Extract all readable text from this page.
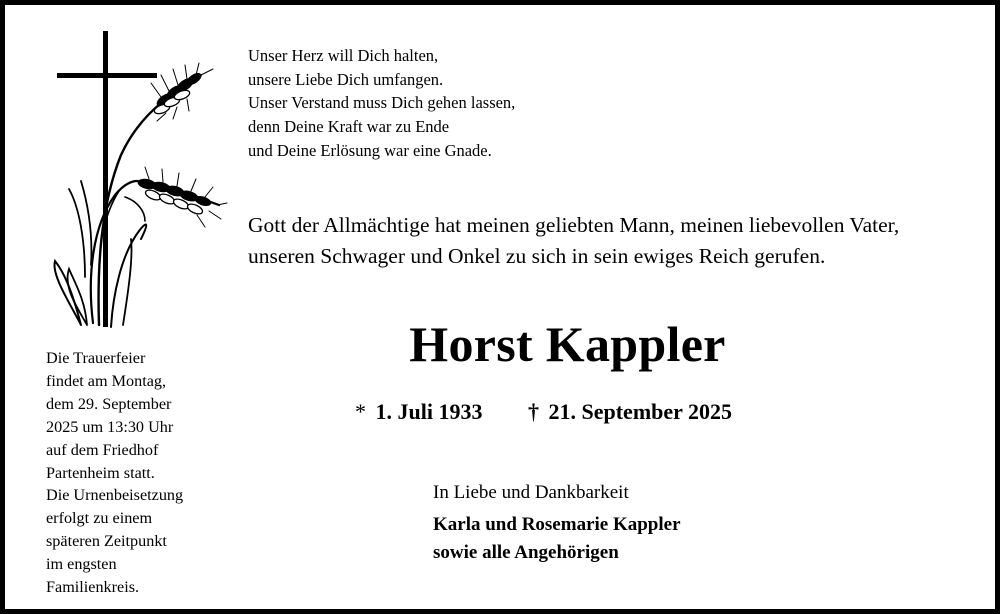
Unser Herz will Dich halten,
unsere Liebe Dich umfangen.
Unser Verstand muss Dich gehen lassen,
denn Deine Kraft war zu Ende
und Deine Erlösung war eine Gnade.
Gott der Allmächtige hat meinen geliebten Mann, meinen liebevollen Vater,
unseren Schwager und Onkel zu sich in sein ewiges Reich gerufen.
Horst Kappler
* 1. Juli 1933 † 21. September 2025
In Liebe und Dankbarkeit
Karla und Rosemarie Kappler
sowie alle Angehörigen
Die Trauerfeier
findet am Montag,
dem 29. September
2025 um 13:30 Uhr
auf dem Friedhof
Partenheim statt.
Die Urnenbeisetzung
erfolgt zu einem
späteren Zeitpunkt
im engsten
Familienkreis.
